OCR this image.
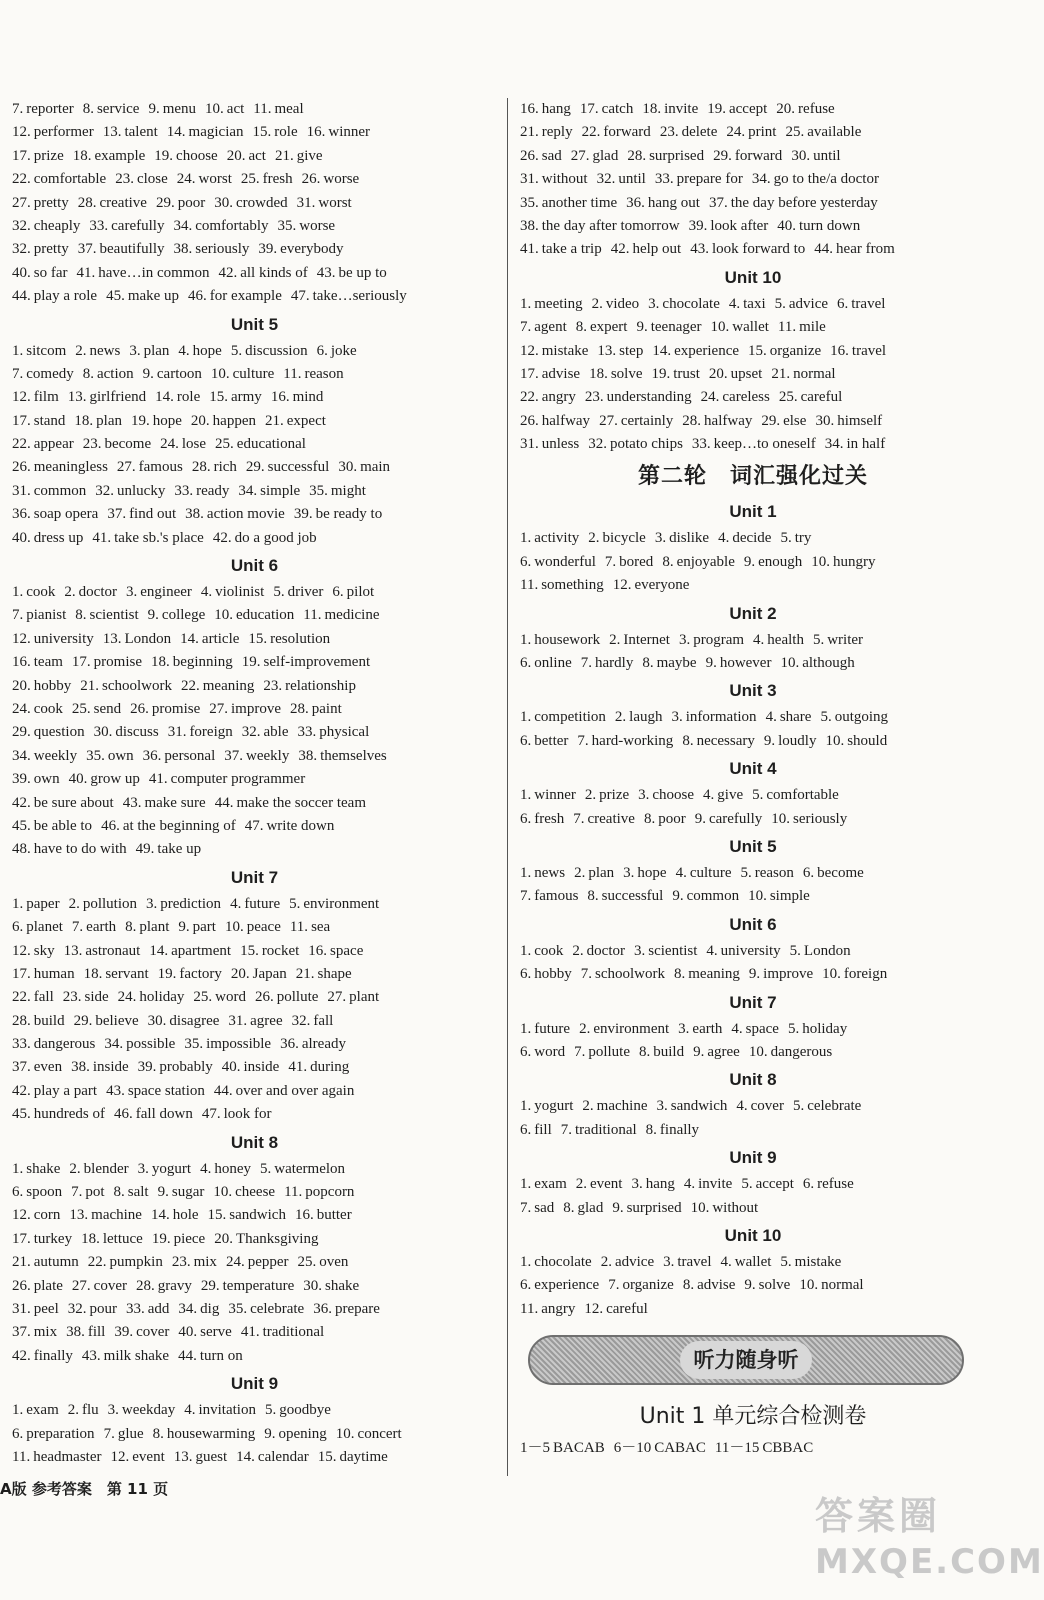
7. reporter 8. service 9. menu 10. act 11. meal
12. performer 13. talent 14. magician 15. role 16. winner
17. prize 18. example 19. choose 20. act 21. give
22. comfortable 23. close 24. worst 25. fresh 26. worse
27. pretty 28. creative 29. poor 30. crowded 31. worst
32. cheaply 33. carefully 34. comfortably 35. worse
32. pretty 37. beautifully 38. seriously 39. everybody
40. so far 41. have…in common 42. all kinds of 43. be up to
44. play a role 45. make up 46. for example 47. take…seriously
Unit 5
1. sitcom 2. news 3. plan 4. hope 5. discussion 6. joke
7. comedy 8. action 9. cartoon 10. culture 11. reason
12. film 13. girlfriend 14. role 15. army 16. mind
17. stand 18. plan 19. hope 20. happen 21. expect
22. appear 23. become 24. lose 25. educational
26. meaningless 27. famous 28. rich 29. successful 30. main
31. common 32. unlucky 33. ready 34. simple 35. might
36. soap opera 37. find out 38. action movie 39. be ready to
40. dress up 41. take sb.'s place 42. do a good job
Unit 6
1. cook 2. doctor 3. engineer 4. violinist 5. driver 6. pilot
7. pianist 8. scientist 9. college 10. education 11. medicine
12. university 13. London 14. article 15. resolution
16. team 17. promise 18. beginning 19. self-improvement
20. hobby 21. schoolwork 22. meaning 23. relationship
24. cook 25. send 26. promise 27. improve 28. paint
29. question 30. discuss 31. foreign 32. able 33. physical
34. weekly 35. own 36. personal 37. weekly 38. themselves
39. own 40. grow up 41. computer programmer
42. be sure about 43. make sure 44. make the soccer team
45. be able to 46. at the beginning of 47. write down
48. have to do with 49. take up
Unit 7
1. paper 2. pollution 3. prediction 4. future 5. environment
6. planet 7. earth 8. plant 9. part 10. peace 11. sea
12. sky 13. astronaut 14. apartment 15. rocket 16. space
17. human 18. servant 19. factory 20. Japan 21. shape
22. fall 23. side 24. holiday 25. word 26. pollute 27. plant
28. build 29. believe 30. disagree 31. agree 32. fall
33. dangerous 34. possible 35. impossible 36. already
37. even 38. inside 39. probably 40. inside 41. during
42. play a part 43. space station 44. over and over again
45. hundreds of 46. fall down 47. look for
Unit 8
1. shake 2. blender 3. yogurt 4. honey 5. watermelon
6. spoon 7. pot 8. salt 9. sugar 10. cheese 11. popcorn
12. corn 13. machine 14. hole 15. sandwich 16. butter
17. turkey 18. lettuce 19. piece 20. Thanksgiving
21. autumn 22. pumpkin 23. mix 24. pepper 25. oven
26. plate 27. cover 28. gravy 29. temperature 30. shake
31. peel 32. pour 33. add 34. dig 35. celebrate 36. prepare
37. mix 38. fill 39. cover 40. serve 41. traditional
42. finally 43. milk shake 44. turn on
Unit 9
1. exam 2. flu 3. weekday 4. invitation 5. goodbye
6. preparation 7. glue 8. housewarming 9. opening 10. concert
11. headmaster 12. event 13. guest 14. calendar 15. daytime
16. hang 17. catch 18. invite 19. accept 20. refuse
21. reply 22. forward 23. delete 24. print 25. available
26. sad 27. glad 28. surprised 29. forward 30. until
31. without 32. until 33. prepare for 34. go to the/a doctor
35. another time 36. hang out 37. the day before yesterday
38. the day after tomorrow 39. look after 40. turn down
41. take a trip 42. help out 43. look forward to 44. hear from
Unit 10
1. meeting 2. video 3. chocolate 4. taxi 5. advice 6. travel
7. agent 8. expert 9. teenager 10. wallet 11. mile
12. mistake 13. step 14. experience 15. organize 16. travel
17. advise 18. solve 19. trust 20. upset 21. normal
22. angry 23. understanding 24. careless 25. careful
26. halfway 27. certainly 28. halfway 29. else 30. himself
31. unless 32. potato chips 33. keep…to oneself 34. in half
第二轮　词汇强化过关
Unit 1
1. activity 2. bicycle 3. dislike 4. decide 5. try
6. wonderful 7. bored 8. enjoyable 9. enough 10. hungry
11. something 12. everyone
Unit 2
1. housework 2. Internet 3. program 4. health 5. writer
6. online 7. hardly 8. maybe 9. however 10. although
Unit 3
1. competition 2. laugh 3. information 4. share 5. outgoing
6. better 7. hard-working 8. necessary 9. loudly 10. should
Unit 4
1. winner 2. prize 3. choose 4. give 5. comfortable
6. fresh 7. creative 8. poor 9. carefully 10. seriously
Unit 5
1. news 2. plan 3. hope 4. culture 5. reason 6. become
7. famous 8. successful 9. common 10. simple
Unit 6
1. cook 2. doctor 3. scientist 4. university 5. London
6. hobby 7. schoolwork 8. meaning 9. improve 10. foreign
Unit 7
1. future 2. environment 3. earth 4. space 5. holiday
6. word 7. pollute 8. build 9. agree 10. dangerous
Unit 8
1. yogurt 2. machine 3. sandwich 4. cover 5. celebrate
6. fill 7. traditional 8. finally
Unit 9
1. exam 2. event 3. hang 4. invite 5. accept 6. refuse
7. sad 8. glad 9. surprised 10. without
Unit 10
1. chocolate 2. advice 3. travel 4. wallet 5. mistake
6. experience 7. organize 8. advise 9. solve 10. normal
11. angry 12. careful
听力随身听
Unit 1 单元综合检测卷
1－5 BACAB 6－10 CABAC 11－15 CBBAC
A版 参考答案　第 11 页
答案圈
MXQE.COM
